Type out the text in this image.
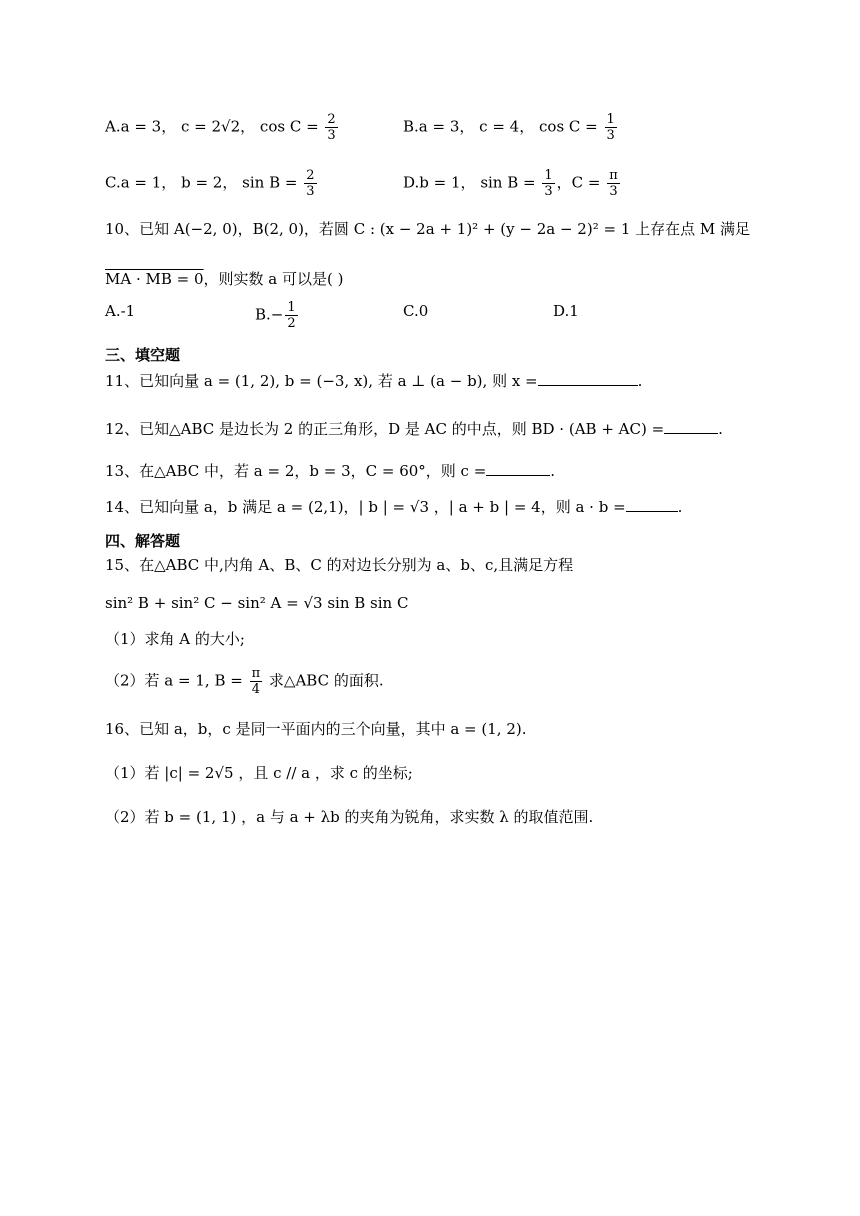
A.a = 3， c = 2√2， $\cos C = \frac{2}{3}$	B.a = 3， c = 4， $\cos C = \frac{1}{3}$
C.a = 1， b = 2， $\sin B = \frac{2}{3}$	D.b = 1， $\sin B = \frac{1}{3}$ ，$C = \frac{\pi}{3}$
10、已知 A(−2, 0)，B(2, 0)，若圆 C : (x − 2a + 1)² + (y − 2a − 2)² = 1 上存在点 M 满足
MA · MB = 0，则实数 a 可以是( )
A.-1	$B.- \frac{1}{2}$	C.0	D.1
三、填空题
11、已知向量 a = (1, 2), b = (−3, x), 若 a ⊥ (a − b), 则 x =	.
12、已知△ABC 是边长为 2 的正三角形，D 是 AC 的中点，则 BD · (AB + AC) =	.
13、在△ABC 中，若 a = 2，b = 3，C = 60°，则 c =	.
14、已知向量 a，b 满足 a = (2,1)，| b | = √3 ，| a + b | = 4，则 a · b =	.
四、解答题
15、在△ABC 中,内角 A、B、C 的对边长分别为 a、b、c,且满足方程
sin² B + sin² C − sin² A = √3 sin B sin C
（1）求角 A 的大小;
（2）若 a = 1, $B = \frac{\pi}{4}$ 求△ABC 的面积.
16、已知 a，b，c 是同一平面内的三个向量，其中 a = (1, 2).
（1）若 |c| = 2√5 ，且 c // a ，求 c 的坐标;
（2）若 b = (1, 1) ，a 与 a + λb 的夹角为锐角，求实数 λ 的取值范围.
